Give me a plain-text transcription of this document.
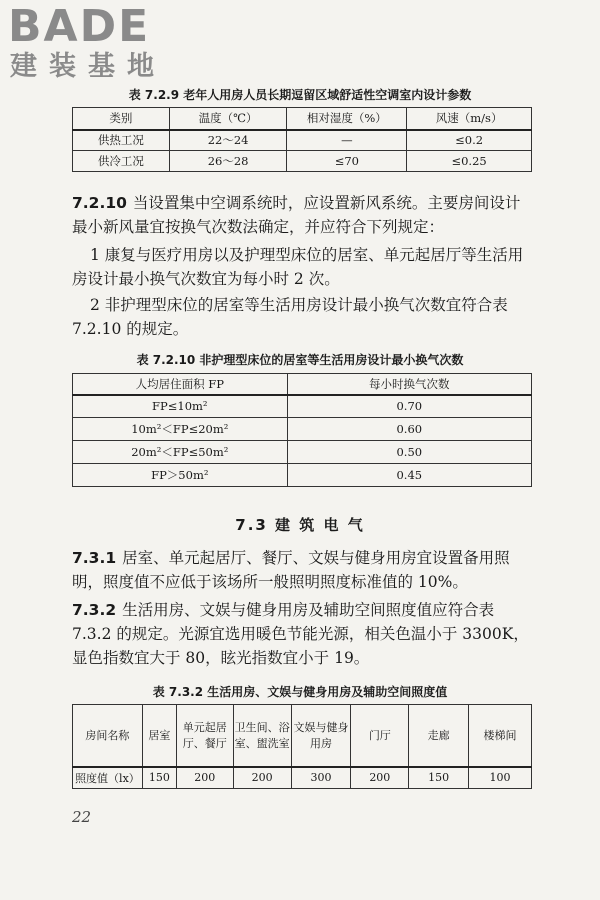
BADE
建装基地
表 7.2.9 老年人用房人员长期逗留区域舒适性空调室内设计参数
类别	温度（℃）	相对湿度（%）	风速（m/s）
供热工况	22～24	—	≤0.2
供冷工况	26～28	≤70	≤0.25

7.2.10 当设置集中空调系统时，应设置新风系统。主要房间设计最小新风量宜按换气次数法确定，并应符合下列规定：

1 康复与医疗用房以及护理型床位的居室、单元起居厅等生活用房设计最小换气次数宜为每小时 2 次。

2 非护理型床位的居室等生活用房设计最小换气次数宜符合表 7.2.10 的规定。

表 7.2.10 非护理型床位的居室等生活用房设计最小换气次数
人均居住面积 FP	每小时换气次数
FP≤10m²	0.70
10m²＜FP≤20m²	0.60
20m²＜FP≤50m²	0.50
FP＞50m²	0.45
7.3 建 筑 电 气

7.3.1 居室、单元起居厅、餐厅、文娱与健身用房宜设置备用照明，照度值不应低于该场所一般照明照度标准值的 10%。

7.3.2 生活用房、文娱与健身用房及辅助空间照度值应符合表 7.3.2 的规定。光源宜选用暖色节能光源，相关色温小于 3300K，显色指数宜大于 80，眩光指数宜小于 19。

表 7.3.2 生活用房、文娱与健身用房及辅助空间照度值
房间名称	居室	单元起居厅、餐厅	卫生间、浴室、盥洗室	文娱与健身用房	门厅	走廊	楼梯间
照度值（lx）	150	200	200	300	200	150	100
22
